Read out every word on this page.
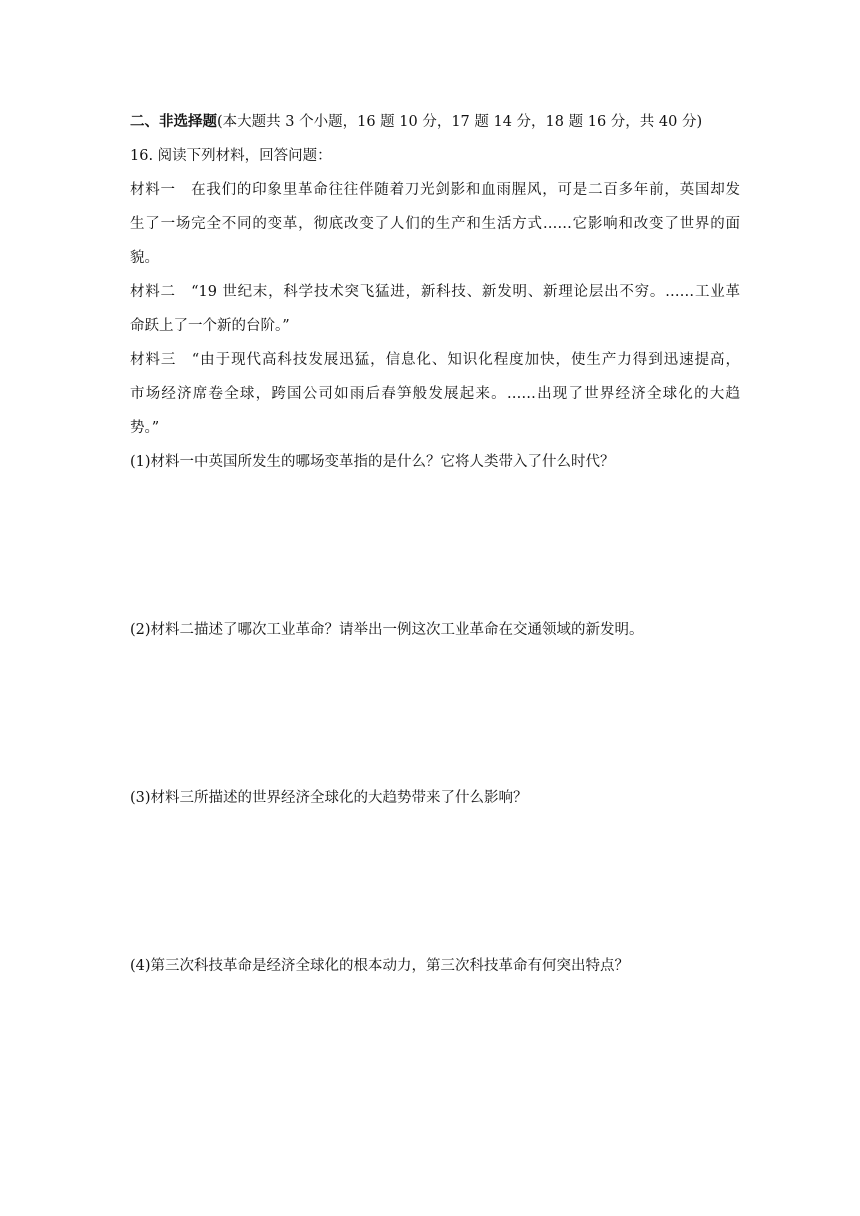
二、非选择题(本大题共 3 个小题，16 题 10 分，17 题 14 分，18 题 16 分，共 40 分)
16. 阅读下列材料，回答问题：
材料一　在我们的印象里革命往往伴随着刀光剑影和血雨腥风，可是二百多年前，英国却发
生了一场完全不同的变革，彻底改变了人们的生产和生活方式……它影响和改变了世界的面
貌。
材料二　“19 世纪末，科学技术突飞猛进，新科技、新发明、新理论层出不穷。……工业革
命跃上了一个新的台阶。”
材料三　“由于现代高科技发展迅猛，信息化、知识化程度加快，使生产力得到迅速提高，
市场经济席卷全球，跨国公司如雨后春笋般发展起来。……出现了世界经济全球化的大趋
势。”
(1)材料一中英国所发生的哪场变革指的是什么？它将人类带入了什么时代？
(2)材料二描述了哪次工业革命？请举出一例这次工业革命在交通领域的新发明。
(3)材料三所描述的世界经济全球化的大趋势带来了什么影响？
(4)第三次科技革命是经济全球化的根本动力，第三次科技革命有何突出特点？
